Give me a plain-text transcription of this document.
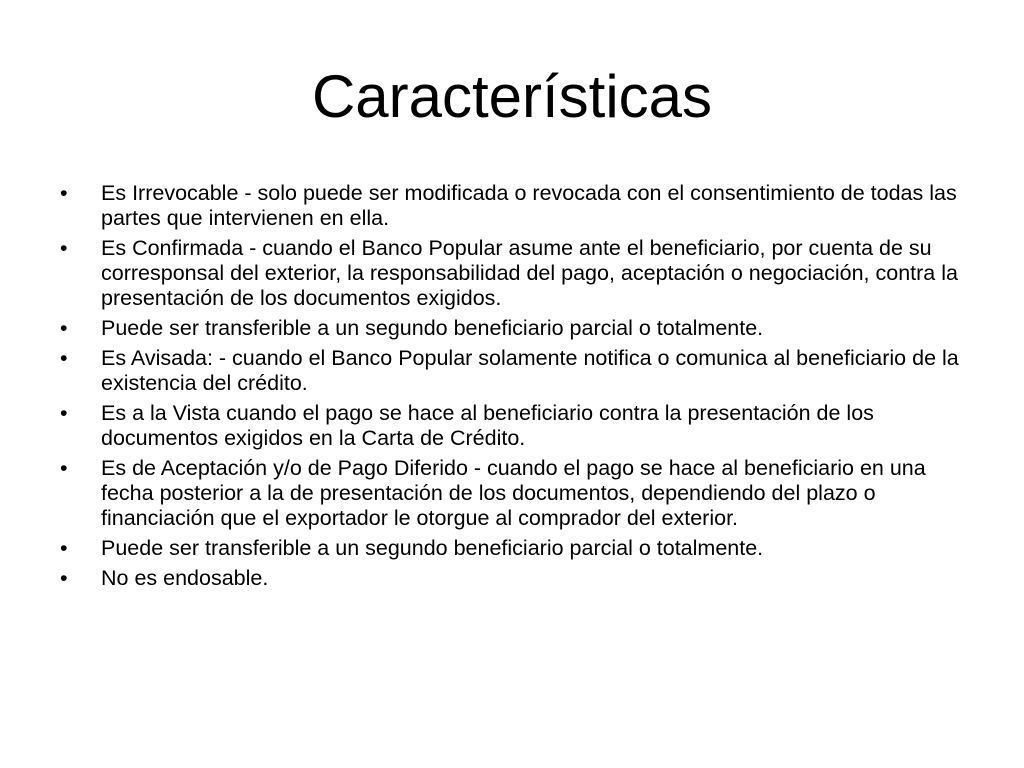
Características
• Es Irrevocable - solo puede ser modificada o revocada con el consentimiento de todas las partes que intervienen en ella.
• Es Confirmada - cuando el Banco Popular asume ante el beneficiario, por cuenta de su corresponsal del exterior, la responsabilidad del pago, aceptación o negociación, contra la presentación de los documentos exigidos.
• Puede ser transferible a un segundo beneficiario parcial o totalmente.
• Es Avisada: - cuando el Banco Popular solamente notifica o comunica al beneficiario de la existencia del crédito.
• Es a la Vista cuando el pago se hace al beneficiario contra la presentación de los documentos exigidos en la Carta de Crédito.
• Es de Aceptación y/o de Pago Diferido - cuando el pago se hace al beneficiario en una fecha posterior a la de presentación de los documentos, dependiendo del plazo o financiación que el exportador le otorgue al comprador del exterior.
• Puede ser transferible a un segundo beneficiario parcial o totalmente.
• No es endosable.
